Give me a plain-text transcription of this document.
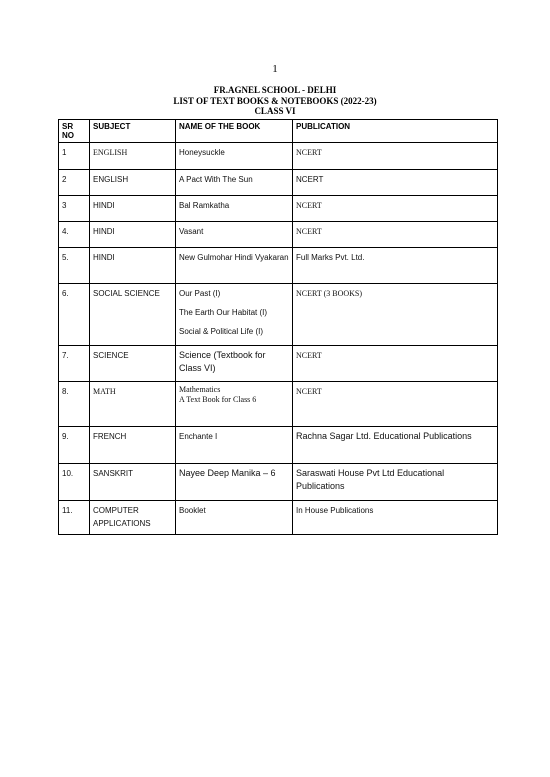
1
FR.AGNEL SCHOOL - DELHI
LIST OF TEXT BOOKS & NOTEBOOKS (2022-23)
CLASS VI
SR NO	SUBJECT	NAME OF THE BOOK	PUBLICATION
1	ENGLISH	Honeysuckle	NCERT
2	ENGLISH	A Pact With The Sun	NCERT
3	HINDI	Bal Ramkatha	NCERT
4.	HINDI	Vasant	NCERT
5.	HINDI	New Gulmohar Hindi Vyakaran	Full Marks Pvt. Ltd.
6.	SOCIAL SCIENCE	Our Past (I)
The Earth Our Habitat (I)
Social & Political Life (I)	NCERT (3 BOOKS)
7.	SCIENCE	Science (Textbook for Class VI)	NCERT
8.	MATH	Mathematics
A Text Book for Class 6	NCERT
9.	FRENCH	Enchante I	Rachna Sagar Ltd. Educational Publications
10.	SANSKRIT	Nayee Deep Manika – 6	Saraswati House Pvt Ltd Educational Publications
11.	COMPUTER APPLICATIONS	Booklet	In House Publications
